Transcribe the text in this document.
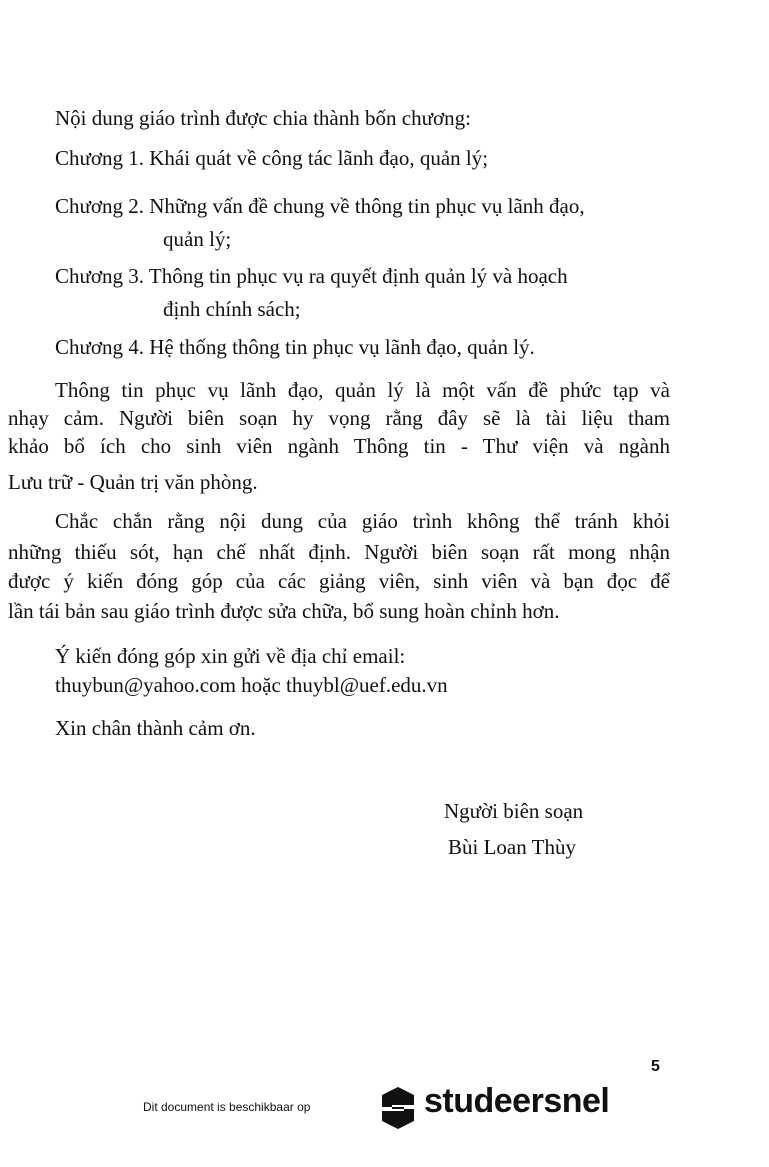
Nội dung giáo trình được chia thành bốn chương:
Chương 1. Khái quát về công tác lãnh đạo, quản lý;
Chương 2. Những vấn đề chung về thông tin phục vụ lãnh đạo,
quản lý;
Chương 3. Thông tin phục vụ ra quyết định quản lý và hoạch
định chính sách;
Chương 4. Hệ thống thông tin phục vụ lãnh đạo, quản lý.
Thông tin phục vụ lãnh đạo, quản lý là một vấn đề phức tạp và
nhạy cảm. Người biên soạn hy vọng rằng đây sẽ là tài liệu tham
khảo bổ ích cho sinh viên ngành Thông tin - Thư viện và ngành
Lưu trữ - Quản trị văn phòng.
Chắc chắn rằng nội dung của giáo trình không thể tránh khỏi
những thiếu sót, hạn chế nhất định. Người biên soạn rất mong nhận
được ý kiến đóng góp của các giảng viên, sinh viên và bạn đọc để
lần tái bản sau giáo trình được sửa chữa, bổ sung hoàn chỉnh hơn.
Ý kiến đóng góp xin gửi về địa chỉ email:
thuybun@yahoo.com hoặc thuybl@uef.edu.vn
Xin chân thành cảm ơn.
Người biên soạn
Bùi Loan Thùy
5
Dit document is beschikbaar op	studeersnel
